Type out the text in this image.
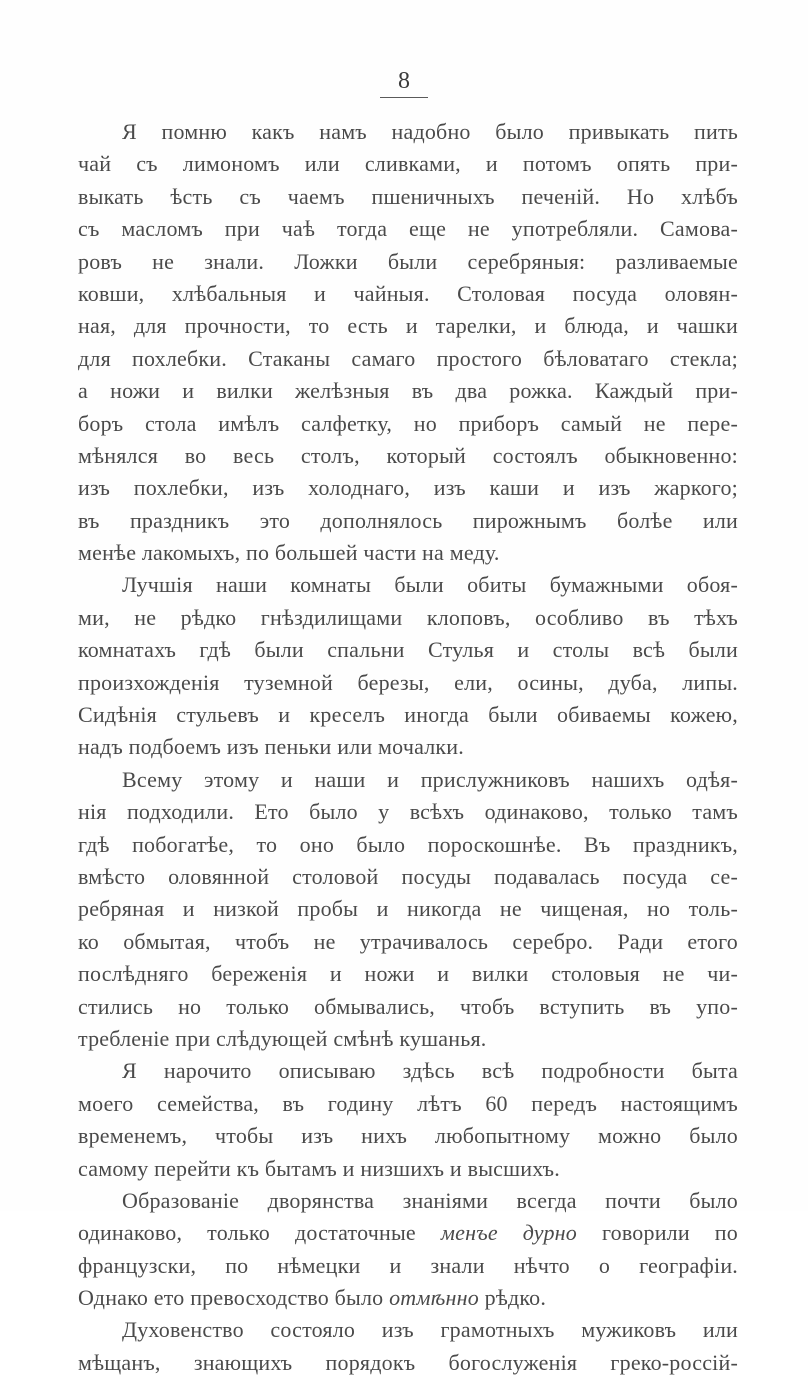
8
Я помню какъ намъ надобно было привыкать пить
чай съ лимономъ или сливками, и потомъ опять при-
выкать ѣсть съ чаемъ пшеничныхъ печеній. Но хлѣбъ
съ масломъ при чаѣ тогда еще не употребляли. Самова-
ровъ не знали. Ложки были серебряныя: разливаемые
ковши, хлѣбальныя и чайныя. Столовая посуда оловян-
ная, для прочности, то есть и тарелки, и блюда, и чашки
для похлебки. Стаканы самаго простого бѣловатаго стекла;
а ножи и вилки желѣзныя въ два рожка. Каждый при-
боръ стола имѣлъ салфетку, но приборъ самый не пере-
мѣнялся во весь столъ, который состоялъ обыкновенно:
изъ похлебки, изъ холоднаго, изъ каши и изъ жаркого;
въ праздникъ это дополнялось пирожнымъ болѣе или
менѣе лакомыхъ, по большей части на меду.
Лучшія наши комнаты были обиты бумажными обоя-
ми, не рѣдко гнѣздилищами клоповъ, особливо въ тѣхъ
комнатахъ гдѣ были спальни Стулья и столы всѣ были
произхожденія туземной березы, ели, осины, дуба, липы.
Сидѣнія стульевъ и креселъ иногда были обиваемы кожею,
надъ подбоемъ изъ пеньки или мочалки.
Всему этому и наши и прислужниковъ нашихъ одѣя-
нія подходили. Ето было у всѣхъ одинаково, только тамъ
гдѣ побогатѣе, то оно было пороскошнѣе. Въ праздникъ,
вмѣсто оловянной столовой посуды подавалась посуда се-
ребряная и низкой пробы и никогда не чищеная, но толь-
ко обмытая, чтобъ не утрачивалось серебро. Ради етого
послѣдняго береженія и ножи и вилки столовыя не чи-
стились но только обмывались, чтобъ вступить въ упо-
требленіе при слѣдующей смѣнѣ кушанья.
Я нарочито описываю здѣсь всѣ подробности быта
моего семейства, въ годину лѣтъ 60 передъ настоящимъ
временемъ, чтобы изъ нихъ любопытному можно было
самому перейти къ бытамъ и низшихъ и высшихъ.
Образованіе дворянства знаніями всегда почти было
одинаково, только достаточные менъе дурно говорили по
французски, по нѣмецки и знали нѣчто о географіи.
Однако ето превосходство было отмѣнно рѣдко.
Духовенство состояло изъ грамотныхъ мужиковъ или
мѣщанъ, знающихъ порядокъ богослуженія греко-россій-
